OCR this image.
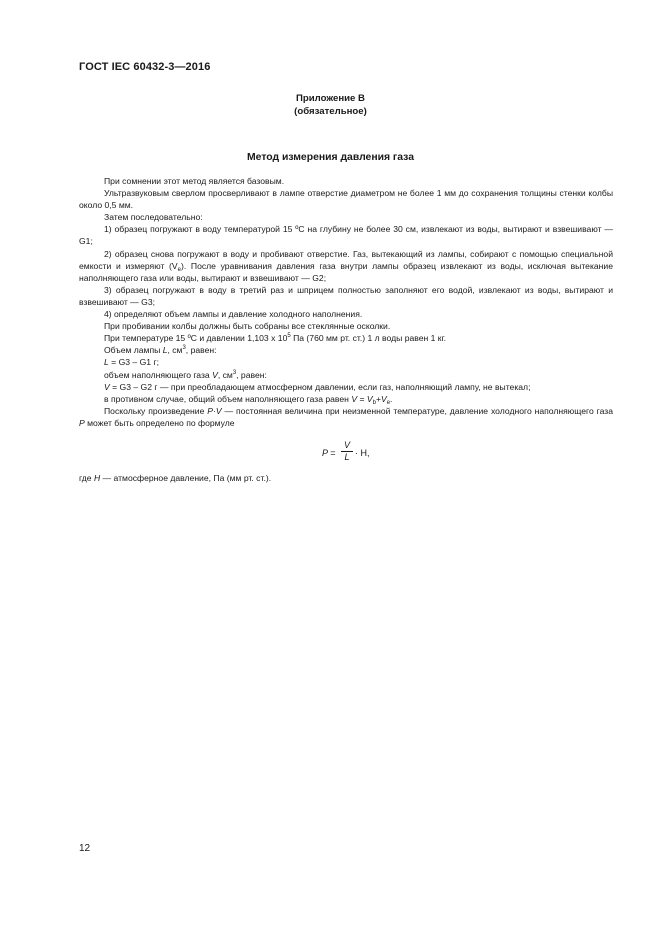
ГОСТ IEC 60432-3—2016
Приложение В
(обязательное)
Метод измерения давления газа

При сомнении этот метод является базовым.

Ультразвуковым сверлом просверливают в лампе отверстие диаметром не более 1 мм до сохранения толщины стенки колбы около 0,5 мм.

Затем последовательно:

1) образец погружают в воду температурой 15 ºС на глубину не более 30 см, извлекают из воды, вытирают и взвешивают — G1;

2) образец снова погружают в воду и пробивают отверстие. Газ, вытекающий из лампы, собирают с помощью специальной емкости и измеряют $(V_e)$. После уравнивания давления газа внутри лампы образец извлекают из воды, исключая вытекание наполняющего газа или воды, вытирают и взвешивают — G2;

3) образец погружают в воду в третий раз и шприцем полностью заполняют его водой, извлекают из воды, вытирают и взвешивают — G3;

4) определяют объем лампы и давление холодного наполнения.

При пробивании колбы должны быть собраны все стеклянные осколки.

При температуре 15 ºС и давлении 1,103 х $10^5$ Па (760 мм рт. ст.) 1 л воды равен 1 кг.

Объем лампы L, $см^3$, равен:

L = G3 – G1 г;

объем наполняющего газа V, $см^3$, равен:

V = G3 – G2 г — при преобладающем атмосферном давлении, если газ, наполняющий лампу, не вытекал;

в противном случае, общий объем наполняющего газа равен $V = V_b+V_e$.

Поскольку произведение P·V — постоянная величина при неизменной температуре, давление холодного наполняющего газа P может быть определено по формуле

P =
V
L · H,
где H — атмосферное давление, Па (мм рт. ст.).
12
